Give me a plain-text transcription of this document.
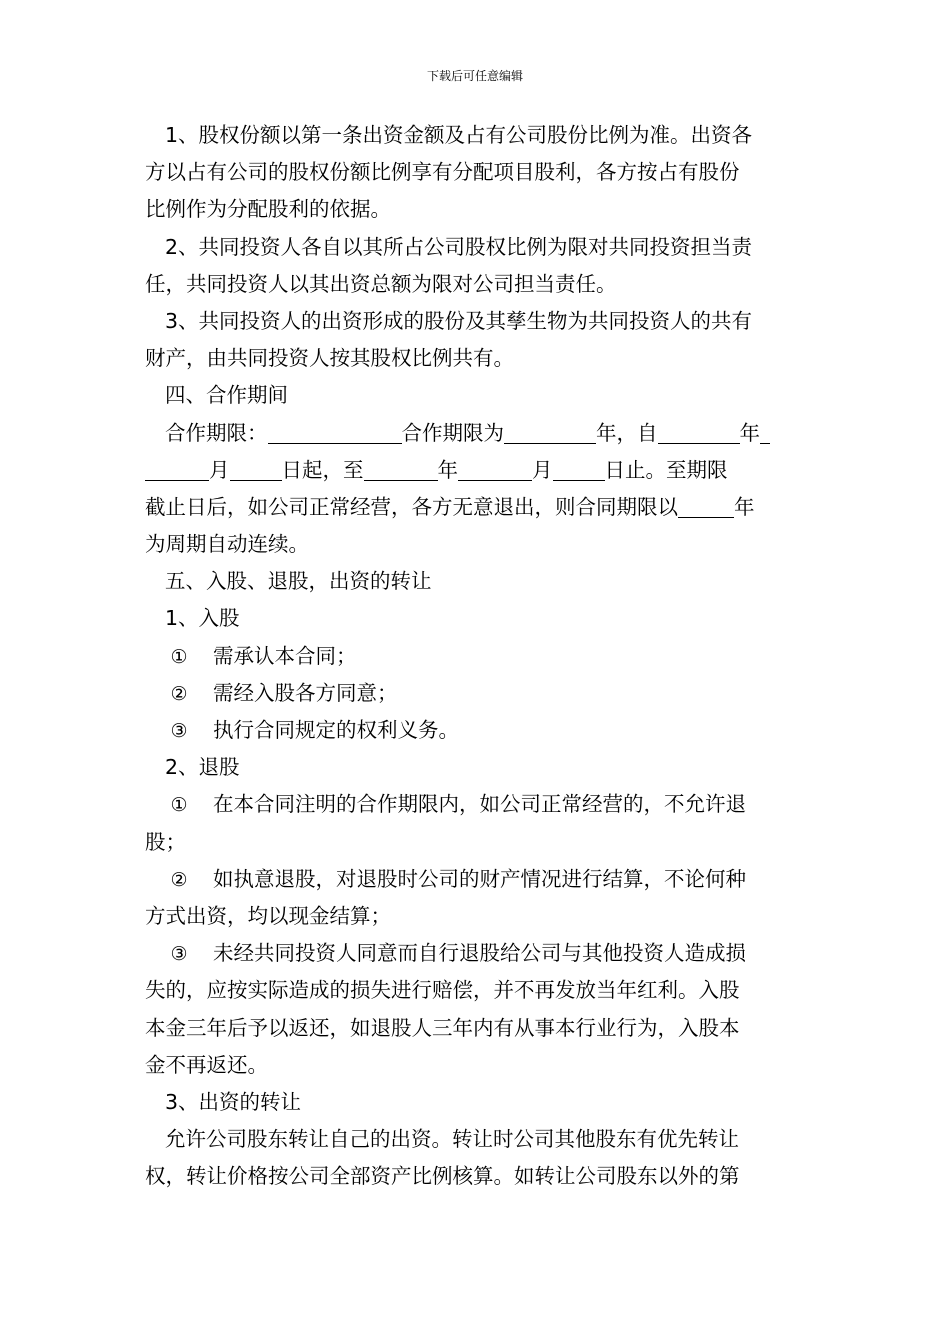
下载后可任意编辑
1、股权份额以第一条出资金额及占有公司股份比例为准。出资各
方以占有公司的股权份额比例享有分配项目股利，各方按占有股份
比例作为分配股利的依据。
2、共同投资人各自以其所占公司股权比例为限对共同投资担当责
任，共同投资人以其出资总额为限对公司担当责任。
3、共同投资人的出资形成的股份及其孳生物为共同投资人的共有
财产，由共同投资人按其股权比例共有。
四、合作期间
合作期限：	合作期限为	年，自	年
月	日起，至	年	月	日止。至期限
截止日后，如公司正常经营，各方无意退出，则合同期限以	年
为周期自动连续。
五、入股、退股，出资的转让
1、入股
① 需承认本合同；
② 需经入股各方同意；
③ 执行合同规定的权利义务。
2、退股
① 在本合同注明的合作期限内，如公司正常经营的，不允许退
股；
② 如执意退股，对退股时公司的财产情况进行结算，不论何种
方式出资，均以现金结算；
③ 未经共同投资人同意而自行退股给公司与其他投资人造成损
失的，应按实际造成的损失进行赔偿，并不再发放当年红利。入股
本金三年后予以返还，如退股人三年内有从事本行业行为，入股本
金不再返还。
3、出资的转让
允许公司股东转让自己的出资。转让时公司其他股东有优先转让
权，转让价格按公司全部资产比例核算。如转让公司股东以外的第
